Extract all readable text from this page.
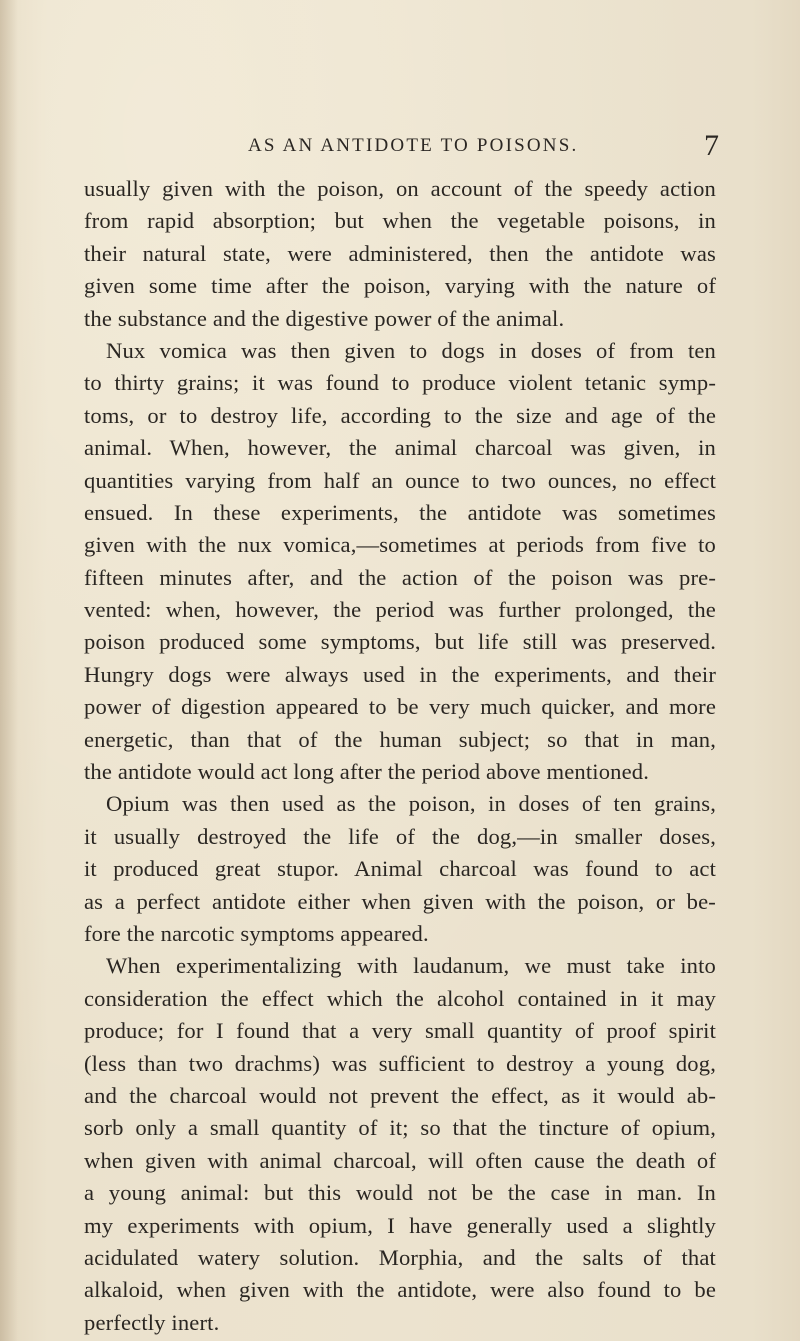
AS AN ANTIDOTE TO POISONS.	7
usually given with the poison, on account of the speedy action
from rapid absorption; but when the vegetable poisons, in
their natural state, were administered, then the antidote was
given some time after the poison, varying with the nature of
the substance and the digestive power of the animal.
Nux vomica was then given to dogs in doses of from ten
to thirty grains; it was found to produce violent tetanic symp-
toms, or to destroy life, according to the size and age of the
animal. When, however, the animal charcoal was given, in
quantities varying from half an ounce to two ounces, no effect
ensued. In these experiments, the antidote was sometimes
given with the nux vomica,—sometimes at periods from five to
fifteen minutes after, and the action of the poison was pre-
vented: when, however, the period was further prolonged, the
poison produced some symptoms, but life still was preserved.
Hungry dogs were always used in the experiments, and their
power of digestion appeared to be very much quicker, and more
energetic, than that of the human subject; so that in man,
the antidote would act long after the period above mentioned.
Opium was then used as the poison, in doses of ten grains,
it usually destroyed the life of the dog,—in smaller doses,
it produced great stupor. Animal charcoal was found to act
as a perfect antidote either when given with the poison, or be-
fore the narcotic symptoms appeared.
When experimentalizing with laudanum, we must take into
consideration the effect which the alcohol contained in it may
produce; for I found that a very small quantity of proof spirit
(less than two drachms) was sufficient to destroy a young dog,
and the charcoal would not prevent the effect, as it would ab-
sorb only a small quantity of it; so that the tincture of opium,
when given with animal charcoal, will often cause the death of
a young animal: but this would not be the case in man. In
my experiments with opium, I have generally used a slightly
acidulated watery solution. Morphia, and the salts of that
alkaloid, when given with the antidote, were also found to be
perfectly inert.
